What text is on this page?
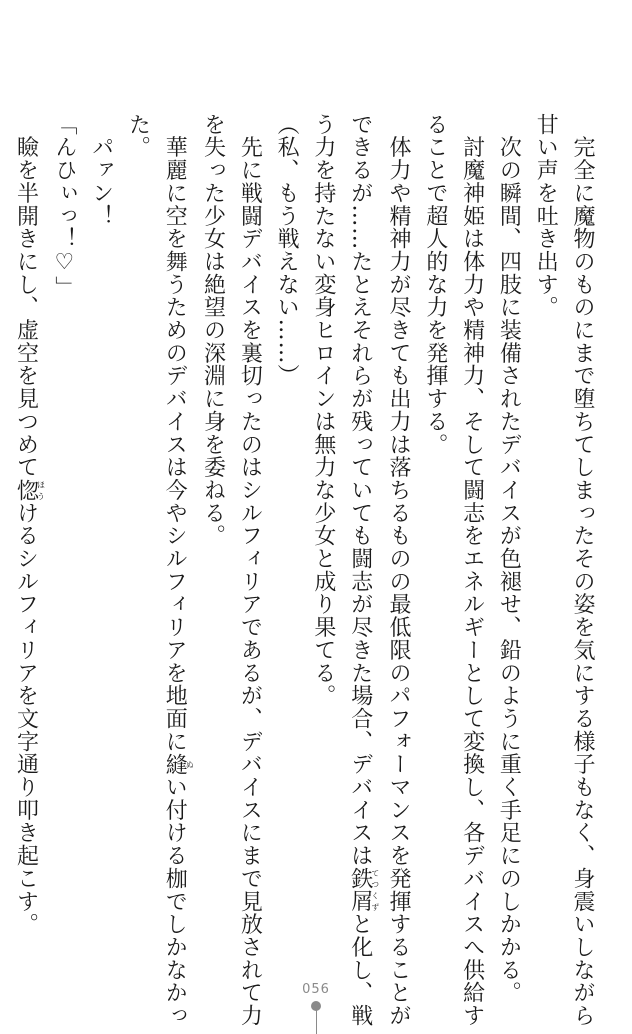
　完全に魔物のものにまで堕ちてしまったその姿を気にする様子もなく、身震いしながら
甘い声を吐き出す。
　次の瞬間、四肢に装備されたデバイスが色褪せ、鉛のように重く手足にのしかかる。
　討魔神姫は体力や精神力、そして闘志をエネルギーとして変換し、各デバイスへ供給す
ることで超人的な力を発揮する。
　体力や精神力が尽きても出力は落ちるものの最低限のパフォーマンスを発揮することが
できるが……たとえそれらが残っていても闘志が尽きた場合、デバイスは鉄屑てつくずと化し、戦
う力を持たない変身ヒロインは無力な少女と成り果てる。
（私、もう戦えない……）
　先に戦闘デバイスを裏切ったのはシルフィリアであるが、デバイスにまで見放されて力
を失った少女は絶望の深淵に身を委ねる。
　華麗に空を舞うためのデバイスは今やシルフィリアを地面に縫ぬい付ける枷でしかなかっ
た。
　パァン！
「んひぃっ！♡」
　瞼を半開きにし、虚空を見つめて惚ほうけるシルフィリアを文字通り叩き起こす。
056
